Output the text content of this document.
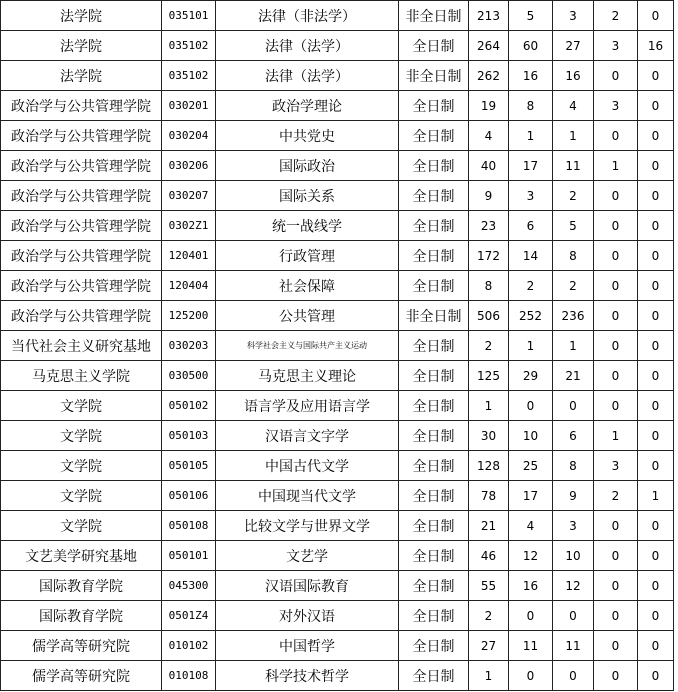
法学院	035101	法律（非法学）	非全日制	213	5	3	2	0
法学院	035102	法律（法学）	全日制	264	60	27	3	16
法学院	035102	法律（法学）	非全日制	262	16	16	0	0
政治学与公共管理学院	030201	政治学理论	全日制	19	8	4	3	0
政治学与公共管理学院	030204	中共党史	全日制	4	1	1	0	0
政治学与公共管理学院	030206	国际政治	全日制	40	17	11	1	0
政治学与公共管理学院	030207	国际关系	全日制	9	3	2	0	0
政治学与公共管理学院	0302Z1	统一战线学	全日制	23	6	5	0	0
政治学与公共管理学院	120401	行政管理	全日制	172	14	8	0	0
政治学与公共管理学院	120404	社会保障	全日制	8	2	2	0	0
政治学与公共管理学院	125200	公共管理	非全日制	506	252	236	0	0
当代社会主义研究基地	030203	科学社会主义与国际共产主义运动	全日制	2	1	1	0	0
马克思主义学院	030500	马克思主义理论	全日制	125	29	21	0	0
文学院	050102	语言学及应用语言学	全日制	1	0	0	0	0
文学院	050103	汉语言文字学	全日制	30	10	6	1	0
文学院	050105	中国古代文学	全日制	128	25	8	3	0
文学院	050106	中国现当代文学	全日制	78	17	9	2	1
文学院	050108	比较文学与世界文学	全日制	21	4	3	0	0
文艺美学研究基地	050101	文艺学	全日制	46	12	10	0	0
国际教育学院	045300	汉语国际教育	全日制	55	16	12	0	0
国际教育学院	0501Z4	对外汉语	全日制	2	0	0	0	0
儒学高等研究院	010102	中国哲学	全日制	27	11	11	0	0
儒学高等研究院	010108	科学技术哲学	全日制	1	0	0	0	0
